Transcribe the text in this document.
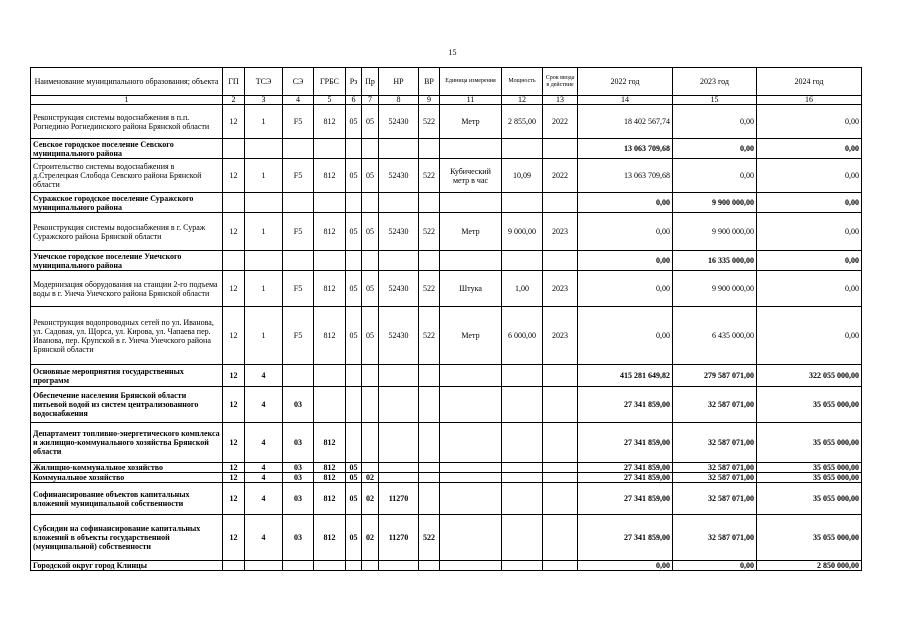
15
Наименование муниципального образования; объекта	ГП	ТСЭ	СЭ	ГРБС	Рз	Пр	НР	ВР	Единица измерения	Мощность	Срок ввода в действие	2022 год	2023 год	2024 год
1	2	3	4	5	6	7	8	9	11	12	13	14	15	16
Реконструкция системы водоснабжения в п.п. Рогнедино Рогнединского района Брянской области	12	1	F5	812	05	05	52430	522	Метр	2 855,00	2022	18 402 567,74	0,00	0,00
Севское городское поселение Севского муниципального района												13 063 709,68	0,00	0,00
Строительство системы водоснабжения в д.Стрелецкая Слобода Севского района Брянской области	12	1	F5	812	05	05	52430	522	Кубический метр в час	10,09	2022	13 063 709,68	0,00	0,00
Суражское городское поселение Суражского муниципального района												0,00	9 900 000,00	0,00
Реконструкция системы водоснабжения в г. Сураж Суражского района Брянской области	12	1	F5	812	05	05	52430	522	Метр	9 000,00	2023	0,00	9 900 000,00	0,00
Унечское городское поселение Унечского муниципального района												0,00	16 335 000,00	0,00
Модернизация оборудования на станции 2-го подъема воды в г. Унеча Унечского района Брянской области	12	1	F5	812	05	05	52430	522	Штука	1,00	2023	0,00	9 900 000,00	0,00
Реконструкция водопроводных сетей по ул. Иванова, ул. Садовая, ул. Щорса, ул. Кирова, ул. Чапаева пер. Иванова, пер. Крупской в г. Унеча Унечского района Брянской области	12	1	F5	812	05	05	52430	522	Метр	6 000,00	2023	0,00	6 435 000,00	0,00
Основные мероприятия государственных программ	12	4										415 281 649,82	279 587 071,00	322 055 000,00
Обеспечение населения Брянской области питьевой водой из систем централизованного водоснабжения	12	4	03									27 341 859,00	32 587 071,00	35 055 000,00
Департамент топливно-энергетического комплекса и жилищно-коммунального хозяйства Брянской области	12	4	03	812								27 341 859,00	32 587 071,00	35 055 000,00
Жилищно-коммунальное хозяйство	12	4	03	812	05							27 341 859,00	32 587 071,00	35 055 000,00
Коммунальное хозяйство	12	4	03	812	05	02						27 341 859,00	32 587 071,00	35 055 000,00
Софинансирование объектов капитальных вложений муниципальной собственности	12	4	03	812	05	02	11270					27 341 859,00	32 587 071,00	35 055 000,00
Субсидии на софинансирование капитальных вложений в объекты государственной (муниципальной) собственности	12	4	03	812	05	02	11270	522				27 341 859,00	32 587 071,00	35 055 000,00
Городской округ город Клинцы												0,00	0,00	2 850 000,00
